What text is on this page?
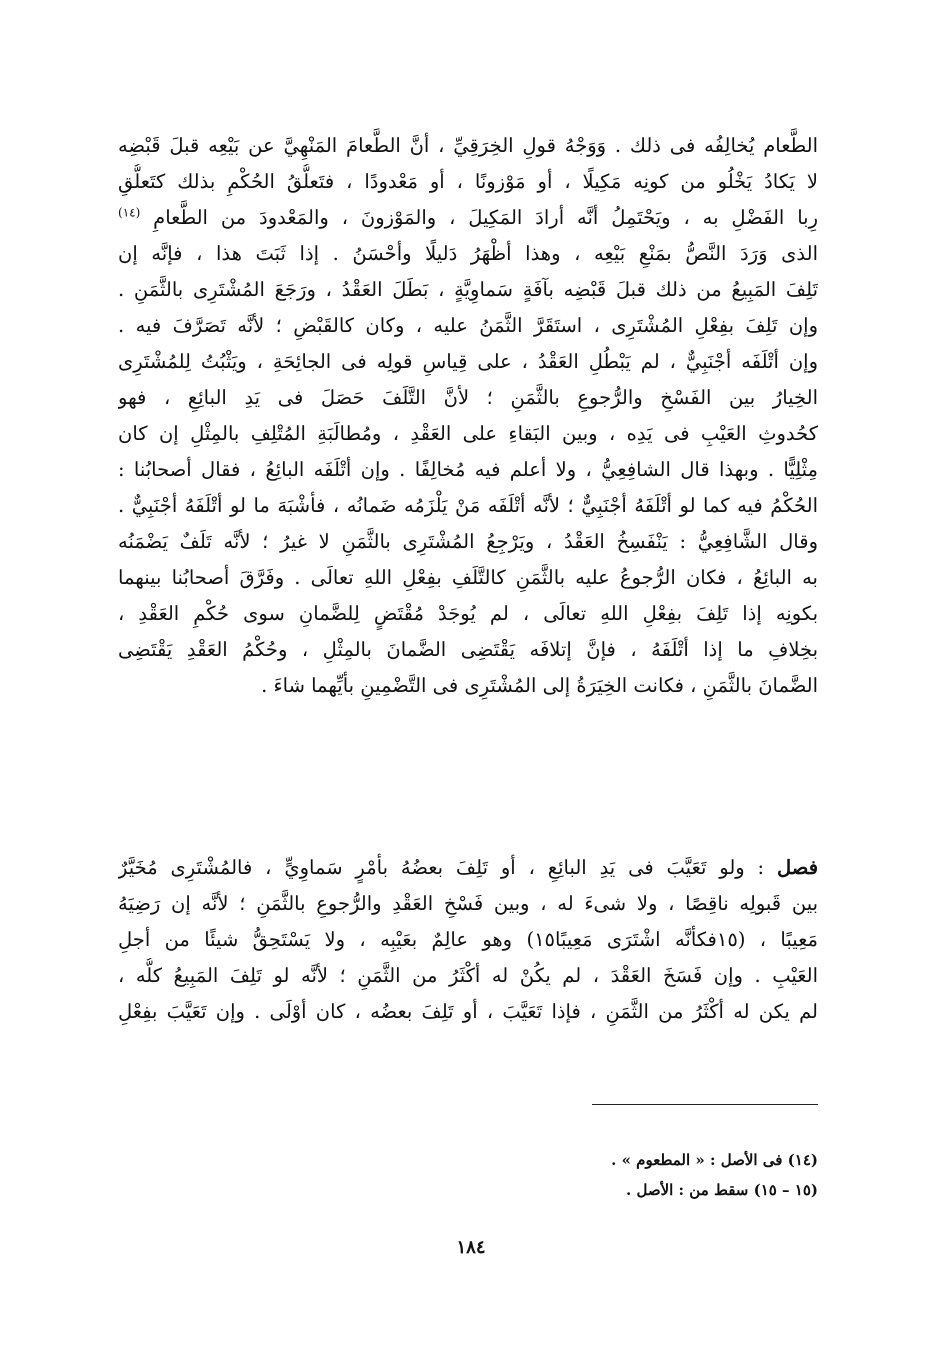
الطَّعام يُخالِفُه فى ذلك . وَوَجْهُ قولِ الخِرَقِيِّ ، أنَّ الطَّعامَ المَنْهِيَّ عن بَيْعِه قبلَ قَبْضِه
لا يَكادُ يَخْلُو من كونِه مَكِيلًا ، أو مَوْزونًا ، أو مَعْدودًا ، فتَعلُّقُ الحُكْمِ بذلك كتَعلُّقِ
رِبا الفَضْلِ به ، ويَحْتَمِلُ أنَّه أرادَ المَكِيلَ ، والمَوْزونَ ، والمَعْدودَ من الطَّعامِ $^{(١٤)}$
الذى وَرَدَ النَّصُّ بمَنْعِ بَيْعِه ، وهذا أظْهَرُ دَليلًا وأحْسَنُ . إذا ثَبَتَ هذا ، فإنَّه إن
تَلِفَ المَبِيعُ من ذلك قبلَ قَبْضِه بآفَةٍ سَماوِيَّةٍ ، بَطَلَ العَقْدُ ، ورَجَعَ المُشْتَرِى بالثَّمَنِ .
وإن تَلِفَ بفِعْلِ المُشْتَرِى ، استَقَرَّ الثَّمَنُ عليه ، وكان كالقَبْضِ ؛ لأنَّه تَصَرَّفَ فيه .
وإن أتْلَفَه أجْنَبِيٌّ ، لم يَبْطُلِ العَقْدُ ، على قِياسِ قولِه فى الجائِحَةِ ، ويَثْبُتُ لِلمُشْتَرِى
الخِيارُ بين الفَسْخِ والرُّجوعِ بالثَّمَنِ ؛ لأنَّ التَّلَفَ حَصَلَ فى يَدِ البائِعِ ، فهو
كحُدوثِ العَيْبِ فى يَدِه ، وبين البَقاءِ على العَقْدِ ، ومُطالَبَةِ المُتْلِفِ بالمِثْلِ إن كان
مِثْلِيًّا . وبهذا قال الشافِعِيُّ ، ولا أعلم فيه مُخالِفًا . وإن أتْلَفَه البائِعُ ، فقال أصحابُنا :
الحُكْمُ فيه كما لو أتْلَفَهُ أجْنَبِيٌّ ؛ لأنَّه أتْلَفَه مَنْ يَلْزَمُه ضَمانُه ، فأشْبَهَ ما لو أتْلَفَهُ أجْنَبِيٌّ .
وقال الشَّافِعِيُّ : يَنْفَسِخُ العَقْدُ ، ويَرْجِعُ المُشْتَرِى بالثَّمَنِ لا غيرُ ؛ لأنَّه تَلَفٌ يَضْمَنُه
به البائِعُ ، فكان الرُّجوعُ عليه بالثَّمَنِ كالتَّلَفِ بفِعْلِ اللهِ تعالَى . وفَرَّقَ أصحابُنا بينهما
بكونِه إذا تَلِفَ بفِعْلِ اللهِ تعالَى ، لم يُوجَدْ مُقْتَضٍ لِلضَّمانِ سوى حُكْمِ العَقْدِ ،
بخِلافِ ما إذا أتْلَفَهُ ، فإنَّ إتلافَه يَقْتَضِى الضَّمانَ بالمِثْلِ ، وحُكْمُ العَقْدِ يَقْتَضِى
الضَّمانَ بالثَّمَنِ ، فكانت الخِيَرَةُ إلى المُشْتَرِى فى التَّضْمِينِ بأيِّهما شاءَ .
فصل : ولو تَعَيَّبَ فى يَدِ البائِعِ ، أو تَلِفَ بعضُهُ بأمْرٍ سَماوِيٍّ ، فالمُشْتَرِى مُخَيَّرٌ
بين قَبولِه ناقِصًا ، ولا شىءَ له ، وبين فَسْخِ العَقْدِ والرُّجوعِ بالثَّمَنِ ؛ لأنَّه إن رَضِيَهُ
مَعِيبًا ، (١٥فكأنَّه اشْتَرَى مَعِيبًا١٥) وهو عالِمٌ بعَيْبِه ، ولا يَسْتَحِقُّ شيئًا من أجلِ
العَيْبِ . وإن فَسَخَ العَقْدَ ، لم يكُنْ له أكْثَرُ من الثَّمَنِ ؛ لأنَّه لو تَلِفَ المَبِيعُ كلُّه ،
لم يكن له أكْثَرُ من الثَّمَنِ ، فإذا تَعَيَّبَ ، أو تَلِفَ بعضُه ، كان أوْلَى . وإن تَعَيَّبَ بفِعْلِ
(١٤) فى الأصل : « المطعوم » .
(١٥ – ١٥) سقط من : الأصل .
١٨٤
